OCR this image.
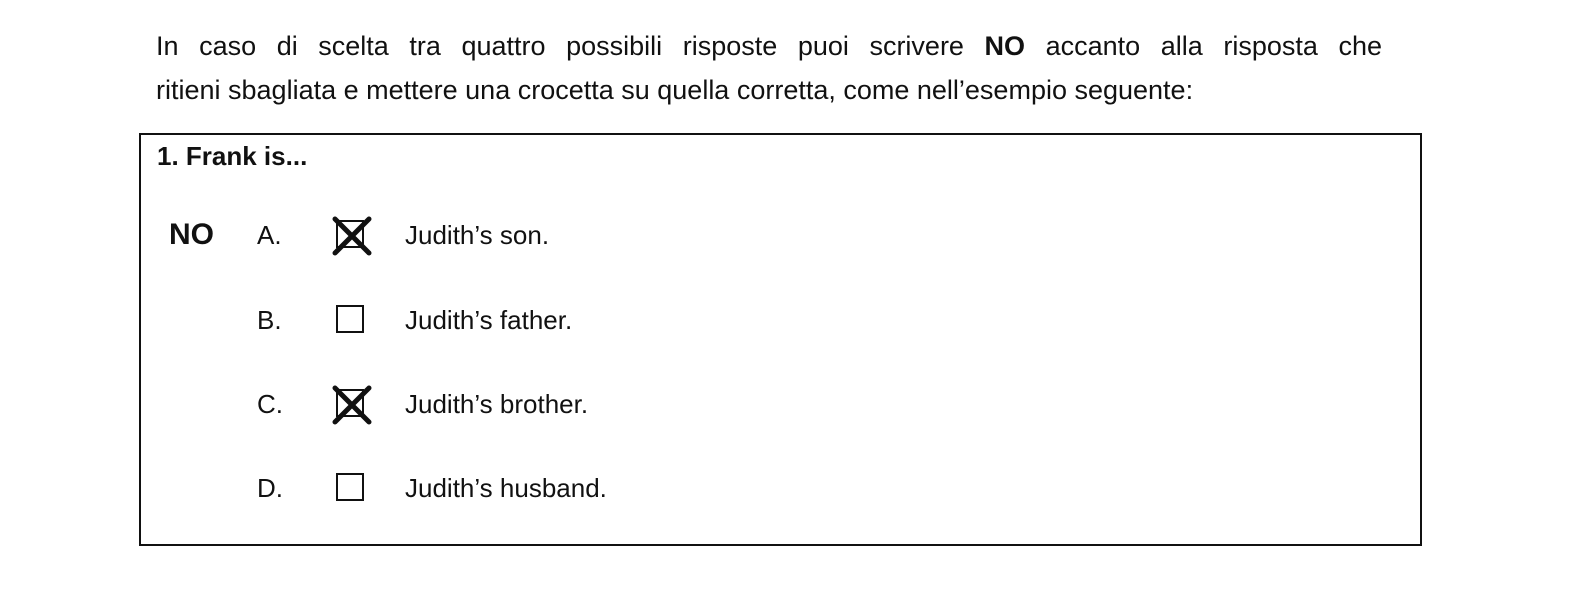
In caso di scelta tra quattro possibili risposte puoi scrivere NO accanto alla risposta che
ritieni sbagliata e mettere una crocetta su quella corretta, come nell’esempio seguente:

1. Frank is...
NO A.	Judith’s son.
B.	Judith’s father.
C.	Judith’s brother.
D.	Judith’s husband.
